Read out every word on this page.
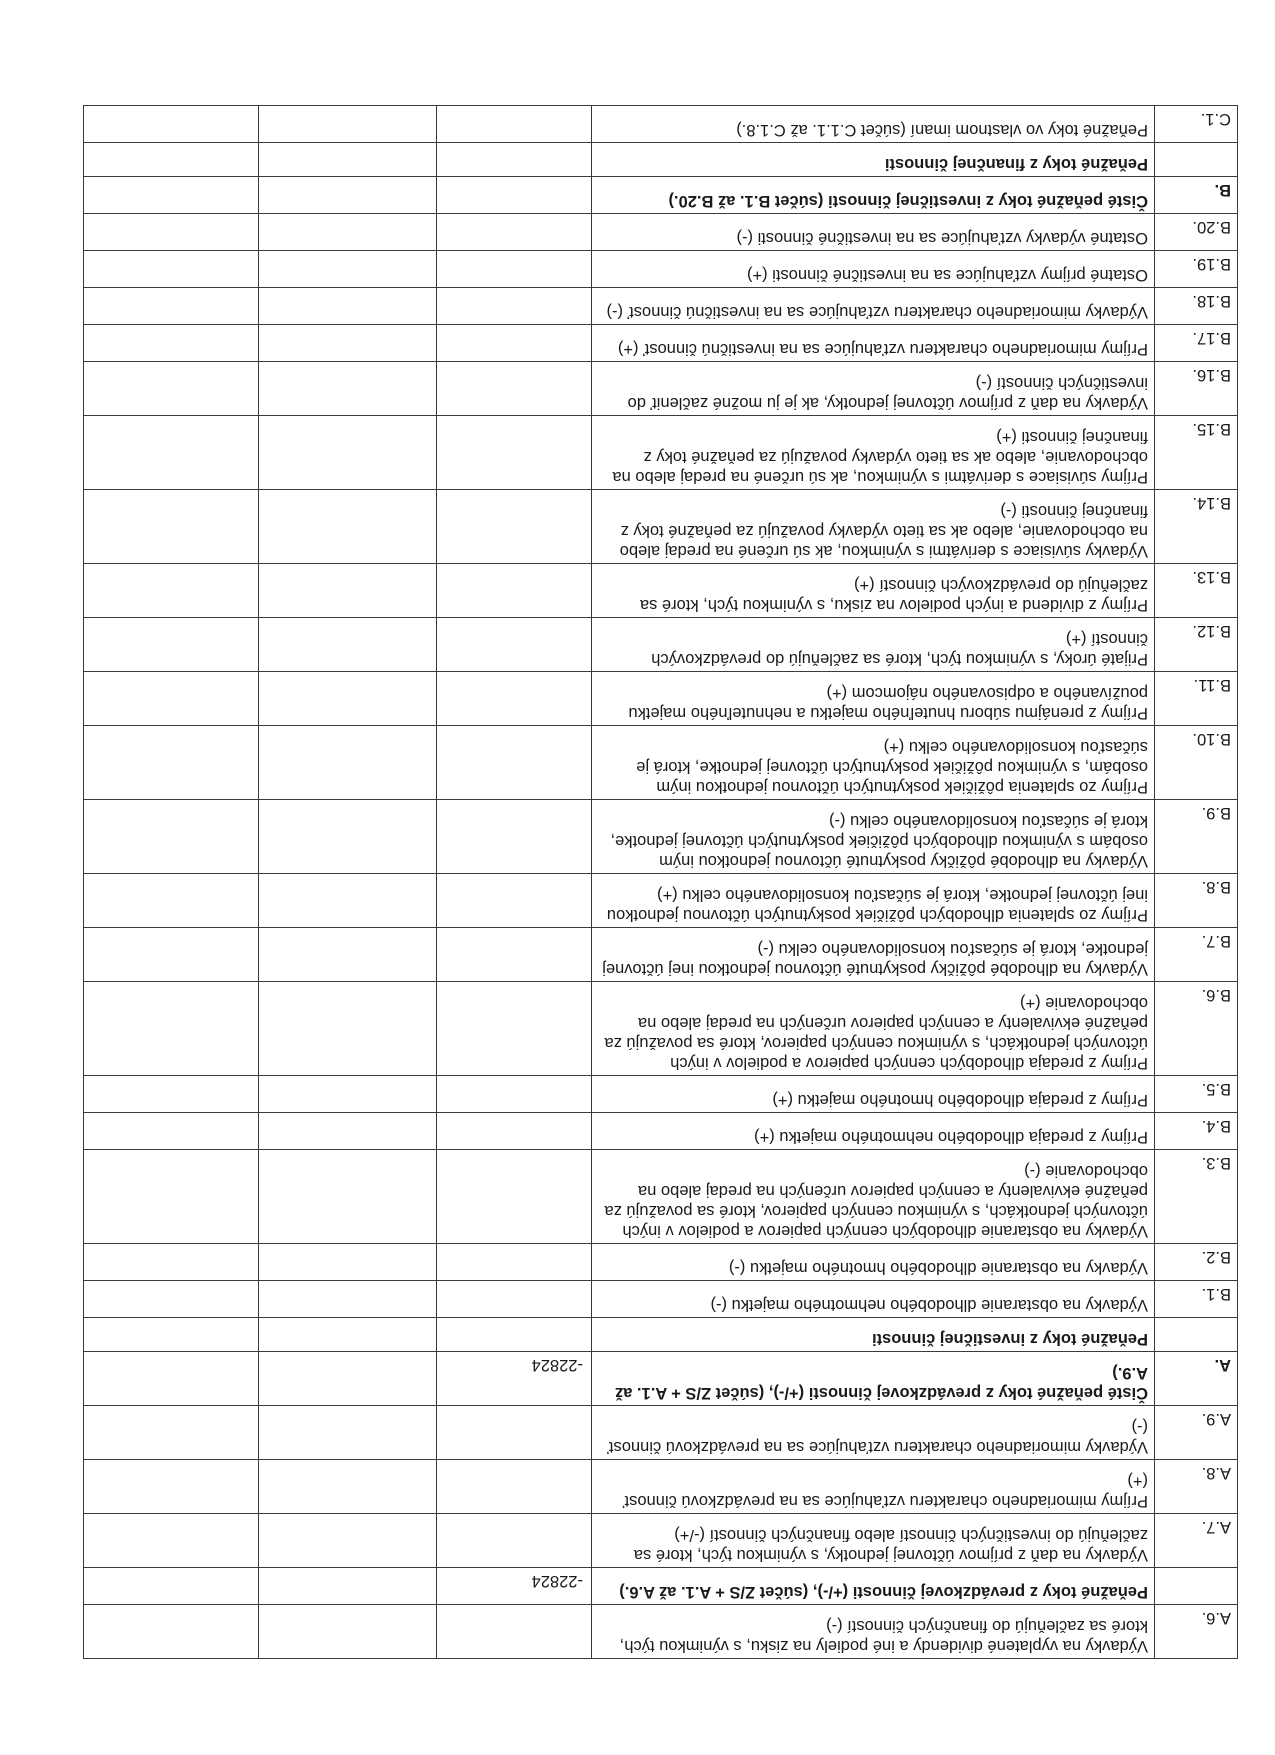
A.6.	Výdavky na vyplatené dividendy a iné podiely na zisku, s výnimkou tých, ktoré sa začleňujú do finančných činností (-)			

	Peňažné toky z prevádzkovej činnosti (+/-), (súčet Z/S + A.1. až A.6.)	-22824		

A.7.	Výdavky na daň z príjmov účtovnej jednotky, s výnimkou tých, ktoré sa začleňujú do investičných činností alebo finančných činností (-/+)			

A.8.	Príjmy mimoriadneho charakteru vzťahujúce sa na prevádzkovú činnosť (+)			

A.9.	Výdavky mimoriadneho charakteru vzťahujúce sa na prevádzkovú činnosť (-)			

A.	Čisté peňažné toky z prevádzkovej činnosti (+/-), (súčet Z/S + A.1. až A.9.)	-22824		

	Peňažné toky z investičnej činnosti			

B.1.	Výdavky na obstaranie dlhodobého nehmotného majetku (-)			

B.2.	Výdavky na obstaranie dlhodobého hmotného majetku (-)			

B.3.	Výdavky na obstaranie dlhodobých cenných papierov a podielov v iných účtovných jednotkách, s výnimkou cenných papierov, ktoré sa považujú za peňažné ekvivalenty a cenných papierov určených na predaj alebo na obchodovanie (-)			

B.4.	Príjmy z predaja dlhodobého nehmotného majetku (+)			

B.5.	Príjmy z predaja dlhodobého hmotného majetku (+)			

B.6.	Príjmy z predaja dlhodobých cenných papierov a podielov v iných účtovných jednotkách, s výnimkou cenných papierov, ktoré sa považujú za peňažné ekvivalenty a cenných papierov určených na predaj alebo na obchodovanie (+)			

B.7.	Výdavky na dlhodobé pôžičky poskytnuté účtovnou jednotkou inej účtovnej jednotke, ktorá je súčasťou konsolidovaného celku (-)			

B.8.	Príjmy zo splatenia dlhodobých pôžičiek poskytnutých účtovnou jednotkou inej účtovnej jednotke, ktorá je súčasťou konsolidovaného celku (+)			

B.9.	Výdavky na dlhodobé pôžičky poskytnuté účtovnou jednotkou iným osobám s výnimkou dlhodobých pôžičiek poskytnutých účtovnej jednotke, ktorá je súčasťou konsolidovaného celku (-)			

B.10.	Príjmy zo splatenia pôžičiek poskytnutých účtovnou jednotkou iným osobám, s výnimkou pôžičiek poskytnutých účtovnej jednotke, ktorá je súčasťou konsolidovaného celku (+)			

B.11.	Príjmy z prenájmu súboru hnuteľného majetku a nehnuteľného majetku používaného a odpisovaného nájomcom (+)			

B.12.	Prijaté úroky, s výnimkou tých, ktoré sa začleňujú do prevádzkových činností (+)			

B.13.	Príjmy z dividend a iných podielov na zisku, s výnimkou tých, ktoré sa začleňujú do prevádzkových činností (+)			

B.14.	Výdavky súvisiace s derivátmi s výnimkou, ak sú určené na predaj alebo na obchodovanie, alebo ak sa tieto výdavky považujú za peňažné toky z finančnej činnosti (-)			

B.15.	Príjmy súvisiace s derivátmi s výnimkou, ak sú určené na predaj alebo na obchodovanie, alebo ak sa tieto výdavky považujú za peňažné toky z finančnej činnosti (+)			

B.16.	Výdavky na daň z príjmov účtovnej jednotky, ak je ju možné začleniť do investičných činností (-)			

B.17.	Príjmy mimoriadneho charakteru vzťahujúce sa na investičnú činnosť (+)			

B.18.	Výdavky mimoriadneho charakteru vzťahujúce sa na investičnú činnosť (-)			

B.19.	Ostatné príjmy vzťahujúce sa na investičné činnosti (+)			

B.20.	Ostatné výdavky vzťahujúce sa na investičné činnosti (-)			

B.	Čisté peňažné toky z investičnej činnosti (súčet B.1. až B.20.)			

	Peňažné toky z finančnej činnosti			

C.1.	Peňažné toky vo vlastnom imaní (súčet C.1.1. až C.1.8.)			
